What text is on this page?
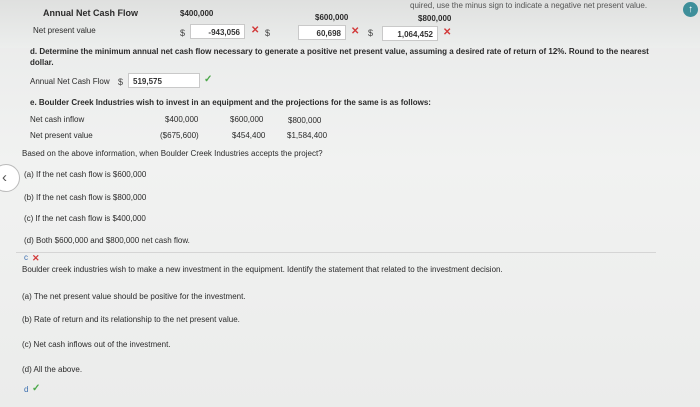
quired, use the minus sign to indicate a negative net present value.	↑
Annual Net Cash Flow	$400,000	$600,000	$800,000
Net present value	$	-943,056	✕ $	60,698	✕ $	1,064,452	✕
d. Determine the minimum annual net cash flow necessary to generate a positive net present value, assuming a desired rate of return of 12%. Round to the nearest
dollar.
Annual Net Cash Flow $	519,575	✓
e. Boulder Creek Industries wish to invest in an equipment and the projections for the same is as follows:
Net cash inflow	$400,000	$600,000	$800,000
Net present value	($675,600)	$454,400	$1,584,400
Based on the above information, when Boulder Creek Industries accepts the project?
‹ (a) If the net cash flow is $600,000
(b) If the net cash flow is $800,000
(c) If the net cash flow is $400,000
(d) Both $600,000 and $800,000 net cash flow.
c ✕
Boulder creek industries wish to make a new investment in the equipment. Identify the statement that related to the investment decision.
(a) The net present value should be positive for the investment.
(b) Rate of return and its relationship to the net present value.
(c) Net cash inflows out of the investment.
(d) All the above.
d ✓
